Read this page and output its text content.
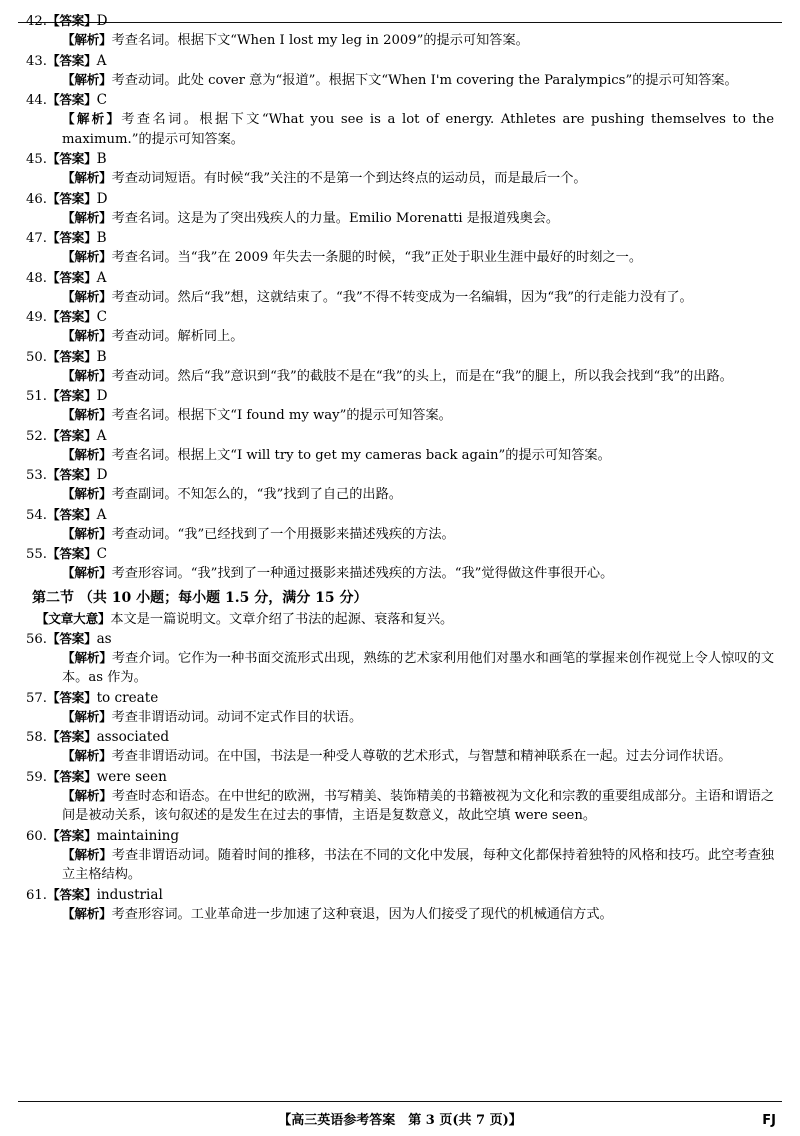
42.【答案】D
【解析】考查名词。根据下文“When I lost my leg in 2009”的提示可知答案。
43.【答案】A
【解析】考查动词。此处 cover 意为“报道”。根据下文“When I'm covering the Paralympics”的提示可知答案。
44.【答案】C
【解析】考查名词。根据下文“What you see is a lot of energy. Athletes are pushing themselves to the maximum.”的提示可知答案。
45.【答案】B
【解析】考查动词短语。有时候“我”关注的不是第一个到达终点的运动员，而是最后一个。
46.【答案】D
【解析】考查名词。这是为了突出残疾人的力量。Emilio Morenatti 是报道残奥会。
47.【答案】B
【解析】考查名词。当“我”在 2009 年失去一条腿的时候，“我”正处于职业生涯中最好的时刻之一。
48.【答案】A
【解析】考查动词。然后“我”想，这就结束了。“我”不得不转变成为一名编辑，因为“我”的行走能力没有了。
49.【答案】C
【解析】考查动词。解析同上。
50.【答案】B
【解析】考查动词。然后“我”意识到“我”的截肢不是在“我”的头上，而是在“我”的腿上，所以我会找到“我”的出路。
51.【答案】D
【解析】考查名词。根据下文“I found my way”的提示可知答案。
52.【答案】A
【解析】考查名词。根据上文“I will try to get my cameras back again”的提示可知答案。
53.【答案】D
【解析】考查副词。不知怎么的，“我”找到了自己的出路。
54.【答案】A
【解析】考查动词。“我”已经找到了一个用摄影来描述残疾的方法。
55.【答案】C
【解析】考查形容词。“我”找到了一种通过摄影来描述残疾的方法。“我”觉得做这件事很开心。
第二节 （共 10 小题；每小题 1.5 分，满分 15 分）
【文章大意】本文是一篇说明文。文章介绍了书法的起源、衰落和复兴。
56.【答案】as
【解析】考查介词。它作为一种书面交流形式出现，熟练的艺术家利用他们对墨水和画笔的掌握来创作视觉上令人惊叹的文本。as 作为。
57.【答案】to create
【解析】考查非谓语动词。动词不定式作目的状语。
58.【答案】associated
【解析】考查非谓语动词。在中国，书法是一种受人尊敬的艺术形式，与智慧和精神联系在一起。过去分词作状语。
59.【答案】were seen
【解析】考查时态和语态。在中世纪的欧洲，书写精美、装饰精美的书籍被视为文化和宗教的重要组成部分。主语和谓语之间是被动关系，该句叙述的是发生在过去的事情，主语是复数意义，故此空填 were seen。
60.【答案】maintaining
【解析】考查非谓语动词。随着时间的推移，书法在不同的文化中发展，每种文化都保持着独特的风格和技巧。此空考查独立主格结构。
61.【答案】industrial
【解析】考查形容词。工业革命进一步加速了这种衰退，因为人们接受了现代的机械通信方式。
【高三英语参考答案　第 3 页(共 7 页)】	FJ
